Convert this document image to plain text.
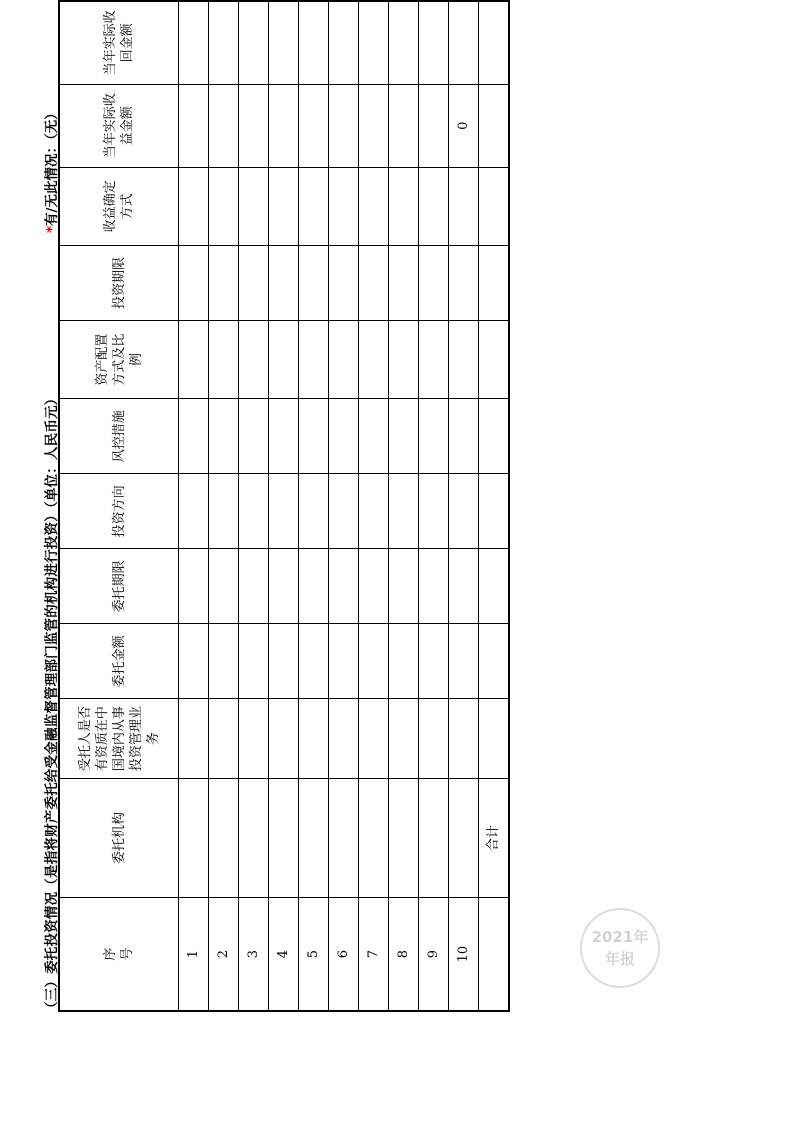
（三）委托投资情况（是指将财产委托给受金融监督管理部门监管的机构进行投资）（单位：人民币元）
*有/无此情况：（无）
序号	委托机构	受托人是否有资质在中国境内从事投资管理业务	委托金额	委托期限	投资方向	风控措施	资产配置方式及比例	投资期限	收益确定方式	当年实际收益金额	当年实际收回金额

1											
2											
3											
4											
5											
6											
7											
8											
9											
10										0	
	合计										
2021年
年报
